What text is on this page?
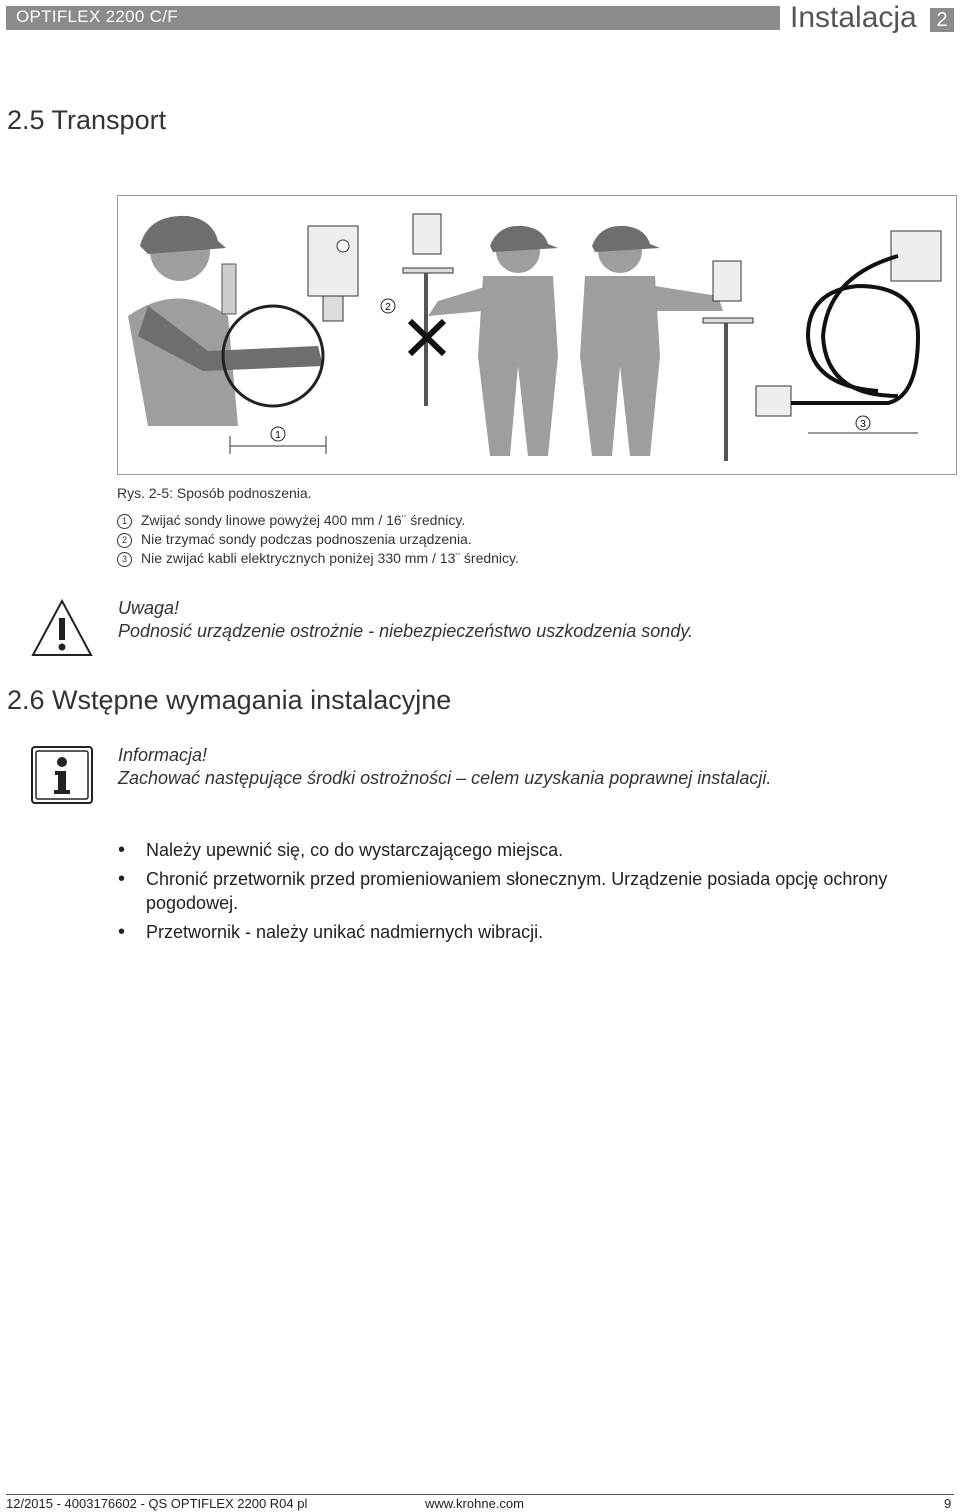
OPTIFLEX 2200 C/F	Instalacja 2
2.5 Transport
1
2
3
Rys. 2-5: Sposób podnoszenia.
1 Zwijać sondy linowe powyżej 400 mm / 16¨ średnicy.
2 Nie trzymać sondy podczas podnoszenia urządzenia.
3 Nie zwijać kabli elektrycznych poniżej 330 mm / 13¨ średnicy.
Uwaga!
Podnosić urządzenie ostrożnie - niebezpieczeństwo uszkodzenia sondy.
2.6 Wstępne wymagania instalacyjne
Informacja!
Zachować następujące środki ostrożności – celem uzyskania poprawnej instalacji.
• Należy upewnić się, co do wystarczającego miejsca.
• Chronić przetwornik przed promieniowaniem słonecznym. Urządzenie posiada opcję ochrony pogodowej.
• Przetwornik - należy unikać nadmiernych wibracji.
12/2015 - 4003176602 - QS OPTIFLEX 2200 R04 pl	www.krohne.com	9
